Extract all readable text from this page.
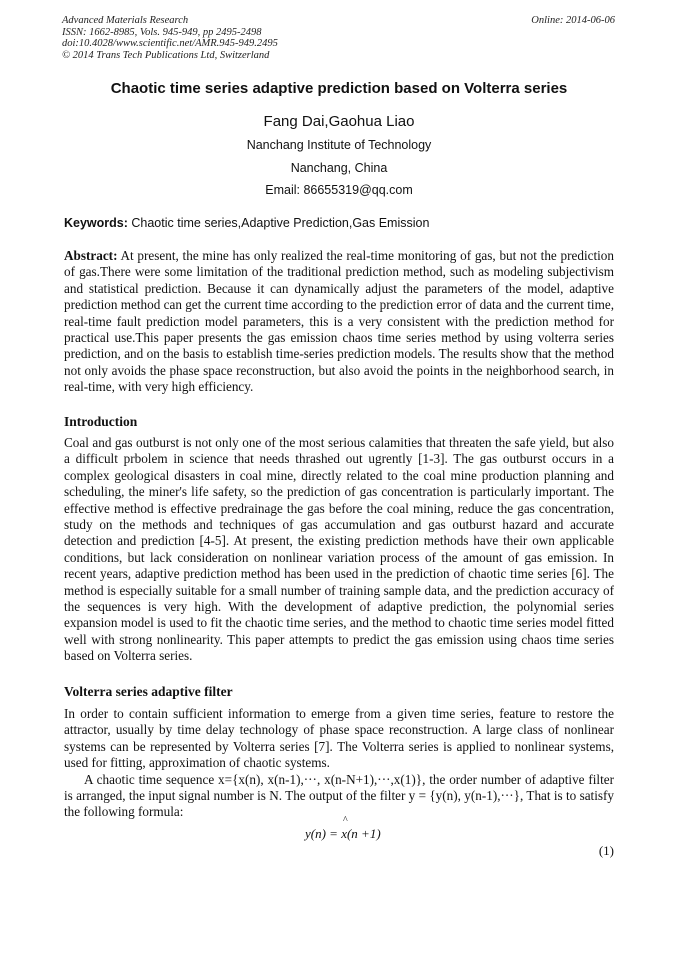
Advanced Materials Research
ISSN: 1662-8985, Vols. 945-949, pp 2495-2498
doi:10.4028/www.scientific.net/AMR.945-949.2495
© 2014 Trans Tech Publications Ltd, Switzerland
Online: 2014-06-06
Chaotic time series adaptive prediction based on Volterra series
Fang Dai,Gaohua Liao
Nanchang Institute of Technology
Nanchang, China
Email: 86655319@qq.com
Keywords: Chaotic time series,Adaptive Prediction,Gas Emission
Abstract: At present, the mine has only realized the real-time monitoring of gas, but not the prediction of gas.There were some limitation of the traditional prediction method, such as modeling subjectivism and statistical prediction. Because it can dynamically adjust the parameters of the model, adaptive prediction method can get the current time according to the prediction error of data and the current time, real-time fault prediction model parameters, this is a very consistent with the prediction method for practical use.This paper presents the gas emission chaos time series method by using volterra series prediction, and on the basis to establish time-series prediction models. The results show that the method not only avoids the phase space reconstruction, but also avoid the points in the neighborhood search, in real-time, with very high efficiency.
Introduction
Coal and gas outburst is not only one of the most serious calamities that threaten the safe yield, but also a difficult prbolem in science that needs thrashed out ugrently [1-3]. The gas outburst occurs in a complex geological disasters in coal mine, directly related to the coal mine production planning and scheduling, the miner's life safety, so the prediction of gas concentration is particularly important. The effective method is effective predrainage the gas before the coal mining, reduce the gas concentration, study on the methods and techniques of gas accumulation and gas outburst hazard and accurate detection and prediction [4-5]. At present, the existing prediction methods have their own applicable conditions, but lack consideration on nonlinear variation process of the amount of gas emission. In recent years, adaptive prediction method has been used in the prediction of chaotic time series [6]. The method is especially suitable for a small number of training sample data, and the prediction accuracy of the sequences is very high. With the development of adaptive prediction, the polynomial series expansion model is used to fit the chaotic time series, and the method to chaotic time series model fitted well with strong nonlinearity. This paper attempts to predict the gas emission using chaos time series based on Volterra series.
Volterra series adaptive filter

In order to contain sufficient information to emerge from a given time series, feature to restore the attractor, usually by time delay technology of phase space reconstruction. A large class of nonlinear systems can be represented by Volterra series [7]. The Volterra series is applied to nonlinear systems, used for fitting, approximation of chaotic systems.

A chaotic time sequence x={x(n), x(n-1),···, x(n-N+1),···,x(1)}, the order number of adaptive filter is arranged, the input signal number is N. The output of the filter y = {y(n), y(n-1),···}, That is to satisfy the following formula:

^
y(n) = x(n +1)
(1)
